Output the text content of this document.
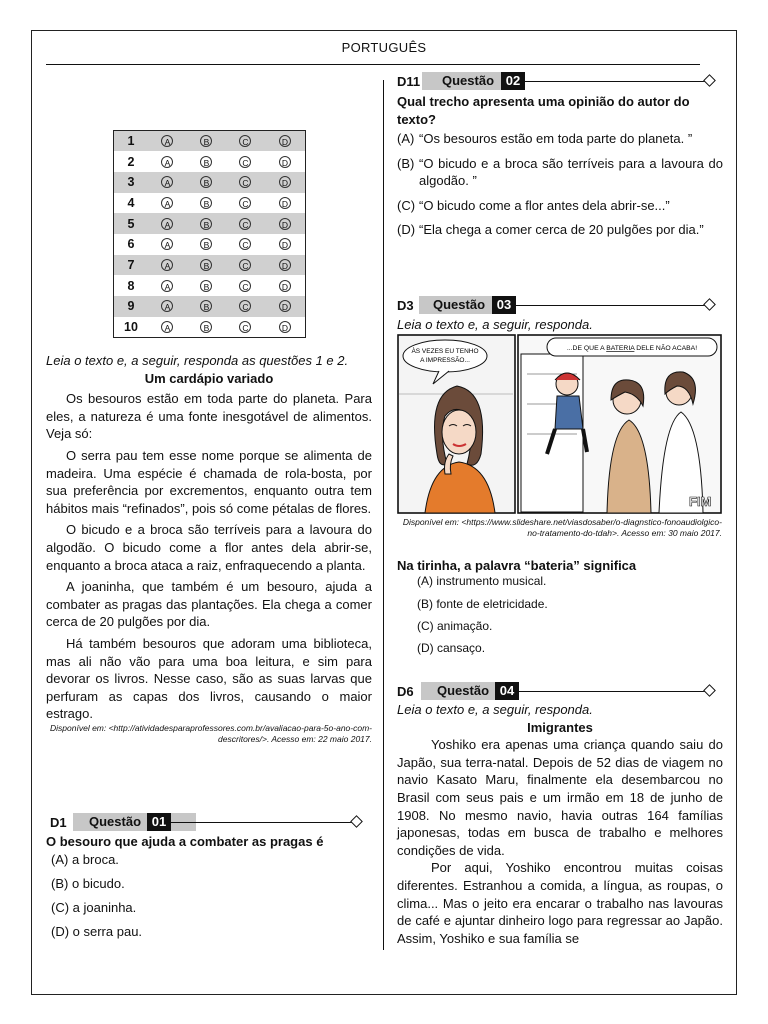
PORTUGUÊS
1	A	B	C	D
2	A	B	C	D
3	A	B	C	D
4	A	B	C	D
5	A	B	C	D
6	A	B	C	D
7	A	B	C	D
8	A	B	C	D
9	A	B	C	D
10	A	B	C	D
Leia o texto e, a seguir, responda as questões 1 e 2.
Um cardápio variado

Os besouros estão em toda parte do planeta. Para eles, a natureza é uma fonte inesgotável de alimentos. Veja só:

O serra pau tem esse nome porque se alimenta de madeira. Uma espécie é chamada de rola-bosta, por sua preferência por excrementos, enquanto outra tem hábitos mais “refinados”, pois só come pétalas de flores.

O bicudo e a broca são terríveis para a lavoura do algodão. O bicudo come a flor antes dela abrir-se, enquanto a broca ataca a raiz, enfraquecendo a planta.

A joaninha, que também é um besouro, ajuda a combater as pragas das plantações. Ela chega a comer cerca de 20 pulgões por dia.

Há também besouros que adoram uma biblioteca, mas ali não vão para uma boa leitura, e sim para devorar os livros. Nesse caso, são as suas larvas que perfuram as capas dos livros, causando o maior estrago.

Disponível em: <http://atividadesparaprofessores.com.br/avaliacao-para-5o-ano-com-descritores/>. Acesso em: 22 maio 2017.
D1	Questão 01
O besouro que ajuda a combater as pragas é
(A) a broca.
(B) o bicudo.
(C) a joaninha.
(D) o serra pau.
D11	Questão 02
Qual trecho apresenta uma opinião do autor do texto?
(A) “Os besouros estão em toda parte do planeta. ”
(B) “O bicudo e a broca são terríveis para a lavoura do algodão. ”
(C) “O bicudo come a flor antes dela abrir-se...”
(D) “Ela chega a comer cerca de 20 pulgões por dia.”
D3	Questão 03
Leia o texto e, a seguir, responda.
ÀS VEZES EU TENHO
A IMPRESSÃO...
...DE QUE A BATERIA DELE NÃO ACABA!
FIM
Disponível em: <https://www.slideshare.net/viasdosaber/o-diagnstico-fonoaudiolgico-no-tratamento-do-tdah>. Acesso em: 30 maio 2017.
Na tirinha, a palavra “bateria” significa
(A) instrumento musical.
(B) fonte de eletricidade.
(C) animação.
(D) cansaço.
D6	Questão 04
Leia o texto e, a seguir, responda.
Imigrantes

Yoshiko era apenas uma criança quando saiu do Japão, sua terra-natal. Depois de 52 dias de viagem no navio Kasato Maru, finalmente ela desembarcou no Brasil com seus pais e um irmão em 18 de junho de 1908. No mesmo navio, havia outras 164 famílias japonesas, todas em busca de trabalho e melhores condições de vida.

Por aqui, Yoshiko encontrou muitas coisas diferentes. Estranhou a comida, a língua, as roupas, o clima... Mas o jeito era encarar o trabalho nas lavouras de café e ajuntar dinheiro logo para regressar ao Japão. Assim, Yoshiko e sua família se
